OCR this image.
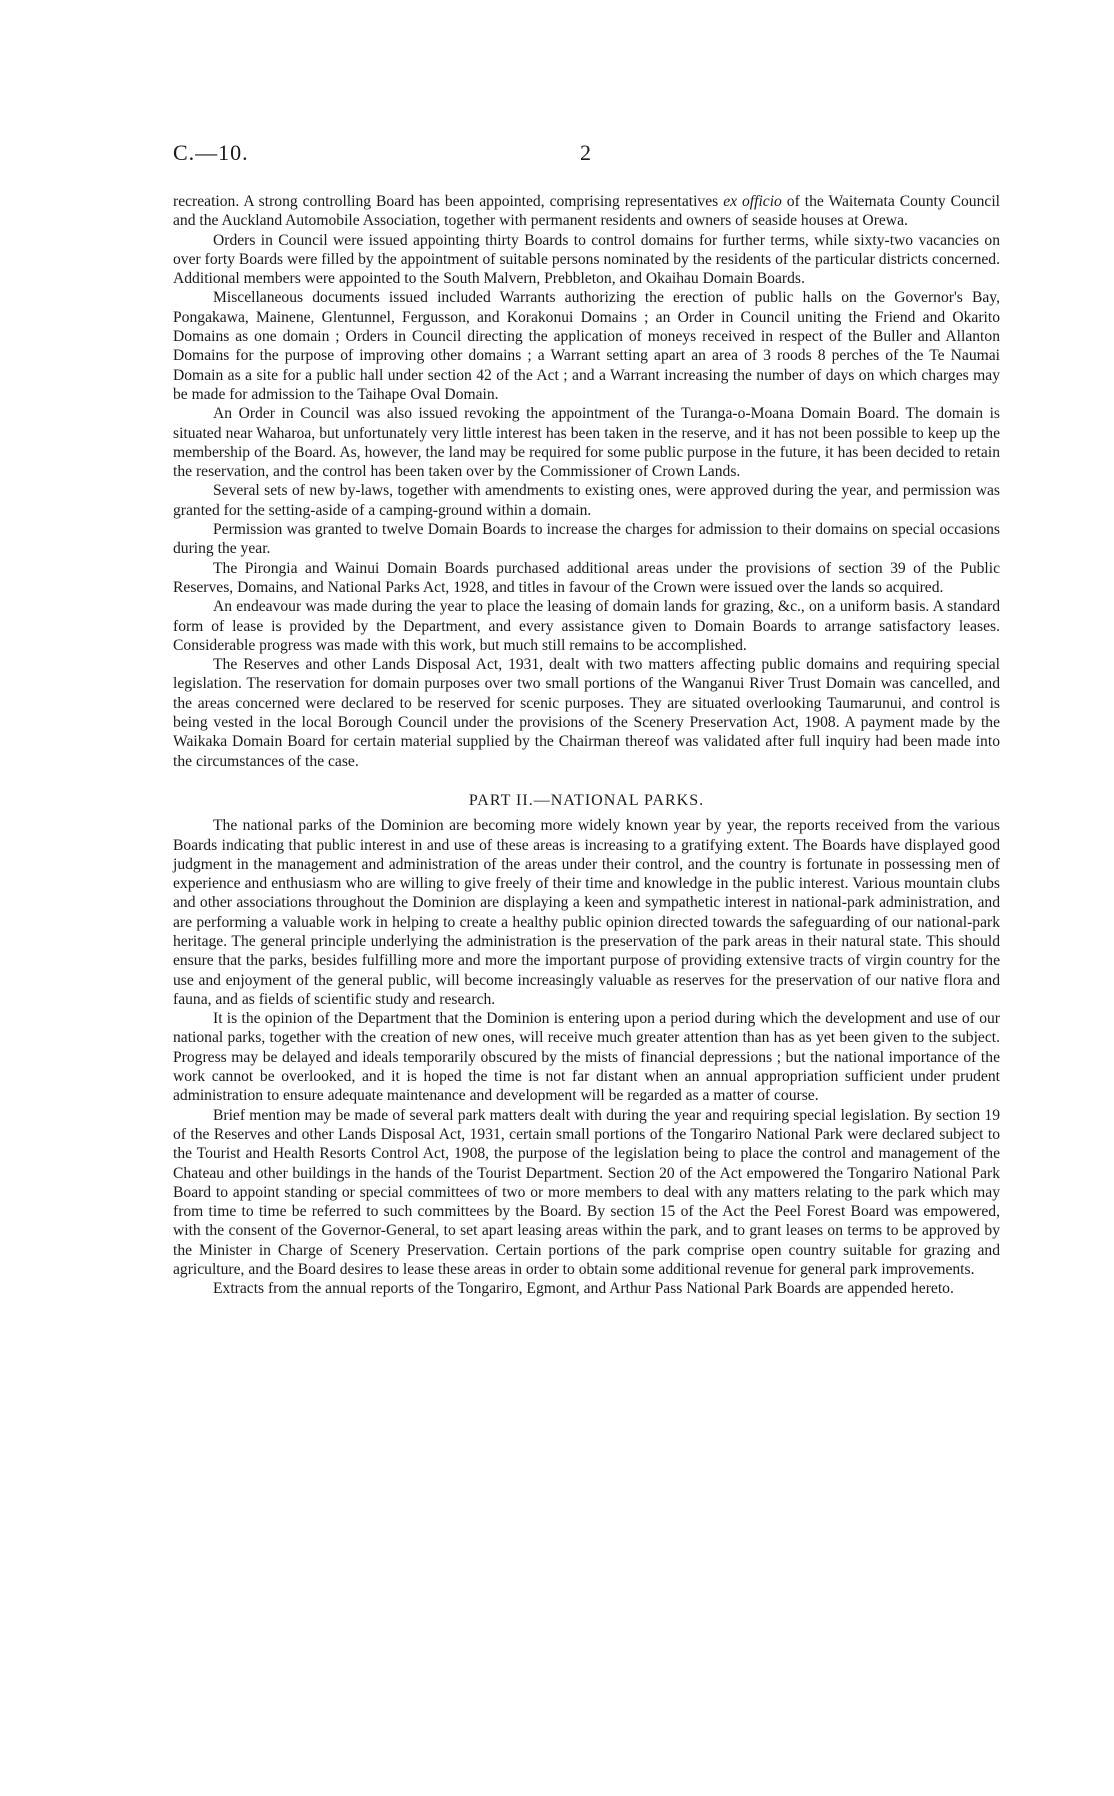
C.—10.	2

recreation. A strong controlling Board has been appointed, comprising representatives ex officio of the Waitemata County Council and the Auckland Automobile Association, together with permanent residents and owners of seaside houses at Orewa.

Orders in Council were issued appointing thirty Boards to control domains for further terms, while sixty-two vacancies on over forty Boards were filled by the appointment of suitable persons nominated by the residents of the particular districts concerned. Additional members were appointed to the South Malvern, Prebbleton, and Okaihau Domain Boards.

Miscellaneous documents issued included Warrants authorizing the erection of public halls on the Governor's Bay, Pongakawa, Mainene, Glentunnel, Fergusson, and Korakonui Domains ; an Order in Council uniting the Friend and Okarito Domains as one domain ; Orders in Council directing the application of moneys received in respect of the Buller and Allanton Domains for the purpose of improving other domains ; a Warrant setting apart an area of 3 roods 8 perches of the Te Naumai Domain as a site for a public hall under section 42 of the Act ; and a Warrant increasing the number of days on which charges may be made for admission to the Taihape Oval Domain.

An Order in Council was also issued revoking the appointment of the Turanga-o-Moana Domain Board. The domain is situated near Waharoa, but unfortunately very little interest has been taken in the reserve, and it has not been possible to keep up the membership of the Board. As, however, the land may be required for some public purpose in the future, it has been decided to retain the reservation, and the control has been taken over by the Commissioner of Crown Lands.

Several sets of new by-laws, together with amendments to existing ones, were approved during the year, and permission was granted for the setting-aside of a camping-ground within a domain.

Permission was granted to twelve Domain Boards to increase the charges for admission to their domains on special occasions during the year.

The Pirongia and Wainui Domain Boards purchased additional areas under the provisions of section 39 of the Public Reserves, Domains, and National Parks Act, 1928, and titles in favour of the Crown were issued over the lands so acquired.

An endeavour was made during the year to place the leasing of domain lands for grazing, &c., on a uniform basis. A standard form of lease is provided by the Department, and every assistance given to Domain Boards to arrange satisfactory leases. Considerable progress was made with this work, but much still remains to be accomplished.

The Reserves and other Lands Disposal Act, 1931, dealt with two matters affecting public domains and requiring special legislation. The reservation for domain purposes over two small portions of the Wanganui River Trust Domain was cancelled, and the areas concerned were declared to be reserved for scenic purposes. They are situated overlooking Taumarunui, and control is being vested in the local Borough Council under the provisions of the Scenery Preservation Act, 1908. A payment made by the Waikaka Domain Board for certain material supplied by the Chairman thereof was validated after full inquiry had been made into the circumstances of the case.

PART II.—NATIONAL PARKS.

The national parks of the Dominion are becoming more widely known year by year, the reports received from the various Boards indicating that public interest in and use of these areas is increasing to a gratifying extent. The Boards have displayed good judgment in the management and administration of the areas under their control, and the country is fortunate in possessing men of experience and enthusiasm who are willing to give freely of their time and knowledge in the public interest. Various mountain clubs and other associations throughout the Dominion are displaying a keen and sympathetic interest in national-park administration, and are performing a valuable work in helping to create a healthy public opinion directed towards the safeguarding of our national-park heritage. The general principle underlying the administration is the preservation of the park areas in their natural state. This should ensure that the parks, besides fulfilling more and more the important purpose of providing extensive tracts of virgin country for the use and enjoyment of the general public, will become increasingly valuable as reserves for the preservation of our native flora and fauna, and as fields of scientific study and research.

It is the opinion of the Department that the Dominion is entering upon a period during which the development and use of our national parks, together with the creation of new ones, will receive much greater attention than has as yet been given to the subject. Progress may be delayed and ideals temporarily obscured by the mists of financial depressions ; but the national importance of the work cannot be overlooked, and it is hoped the time is not far distant when an annual appropriation sufficient under prudent administration to ensure adequate maintenance and development will be regarded as a matter of course.

Brief mention may be made of several park matters dealt with during the year and requiring special legislation. By section 19 of the Reserves and other Lands Disposal Act, 1931, certain small portions of the Tongariro National Park were declared subject to the Tourist and Health Resorts Control Act, 1908, the purpose of the legislation being to place the control and management of the Chateau and other buildings in the hands of the Tourist Department. Section 20 of the Act empowered the Tongariro National Park Board to appoint standing or special committees of two or more members to deal with any matters relating to the park which may from time to time be referred to such committees by the Board. By section 15 of the Act the Peel Forest Board was empowered, with the consent of the Governor-General, to set apart leasing areas within the park, and to grant leases on terms to be approved by the Minister in Charge of Scenery Preservation. Certain portions of the park comprise open country suitable for grazing and agriculture, and the Board desires to lease these areas in order to obtain some additional revenue for general park improvements.

Extracts from the annual reports of the Tongariro, Egmont, and Arthur Pass National Park Boards are appended hereto.
